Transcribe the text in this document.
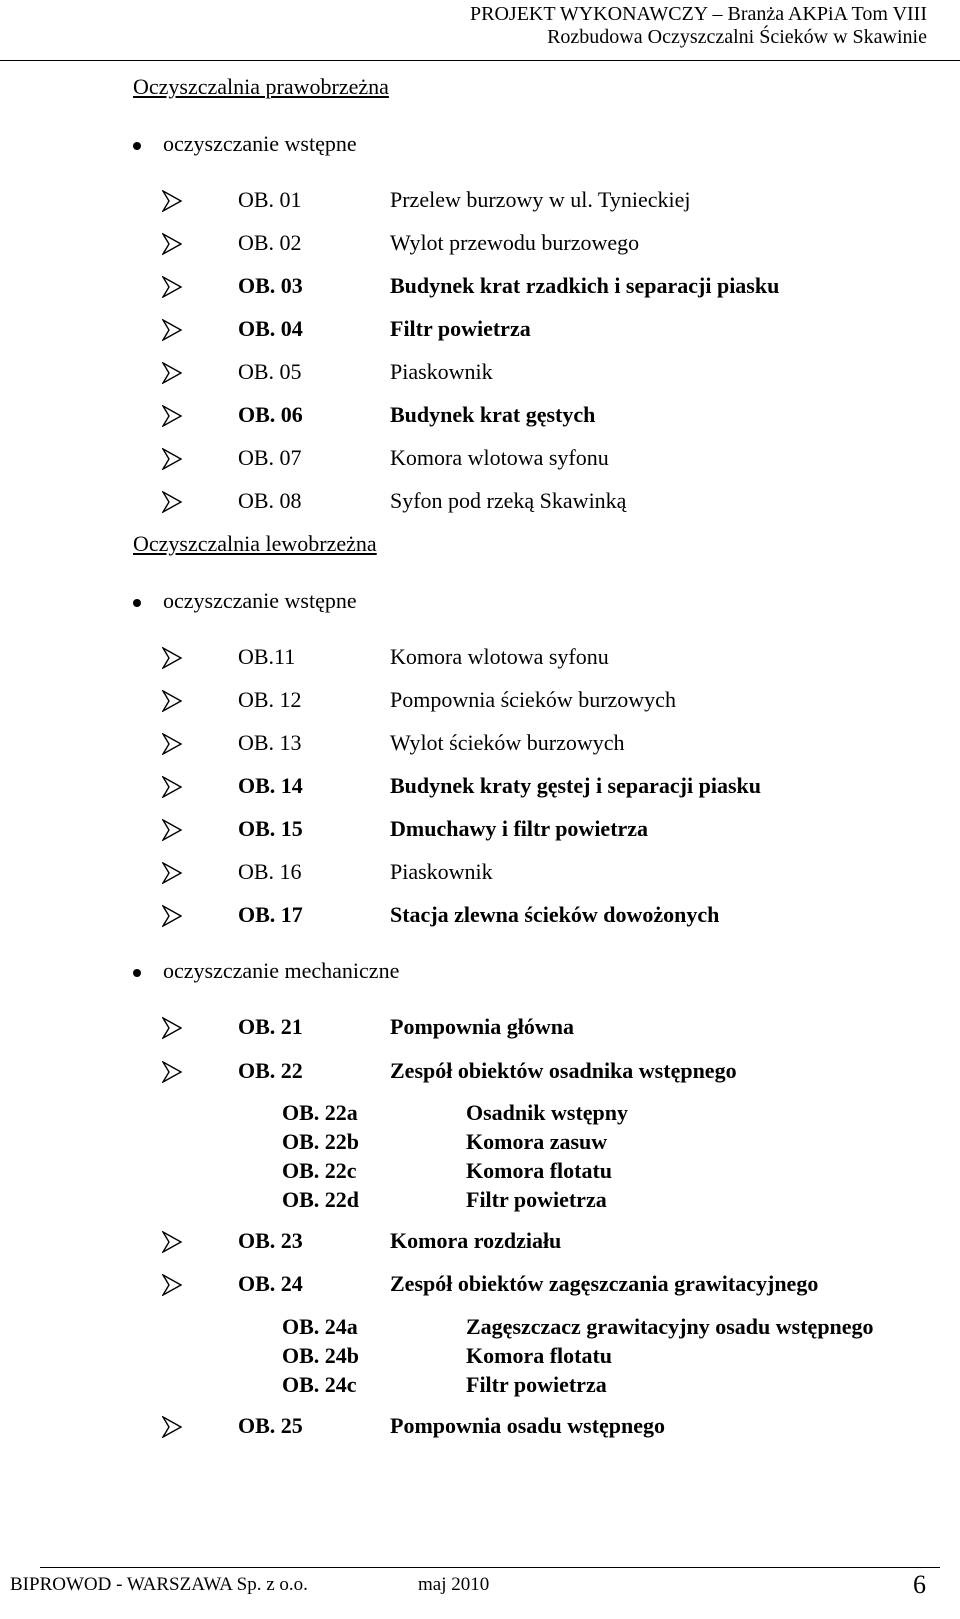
PROJEKT WYKONAWCZY – Branża AKPiA Tom VIII
Rozbudowa Oczyszczalni Ścieków w Skawinie
Oczyszczalnia prawobrzeżna
oczyszczanie wstępne
OB. 01	Przelew burzowy w ul. Tynieckiej
OB. 02	Wylot przewodu burzowego
OB. 03	Budynek krat rzadkich i separacji piasku
OB. 04	Filtr powietrza
OB. 05	Piaskownik
OB. 06	Budynek krat gęstych
OB. 07	Komora wlotowa syfonu
OB. 08	Syfon pod rzeką Skawinką
Oczyszczalnia lewobrzeżna
oczyszczanie wstępne
OB.11	Komora wlotowa syfonu
OB. 12	Pompownia ścieków burzowych
OB. 13	Wylot ścieków burzowych
OB. 14	Budynek kraty gęstej i separacji piasku
OB. 15	Dmuchawy i filtr powietrza
OB. 16	Piaskownik
OB. 17	Stacja zlewna ścieków dowożonych
oczyszczanie mechaniczne
OB. 21	Pompownia główna
OB. 22	Zespół obiektów osadnika wstępnego
OB. 22a	Osadnik wstępny
OB. 22b	Komora zasuw
OB. 22c	Komora flotatu
OB. 22d	Filtr powietrza
OB. 23	Komora rozdziału
OB. 24	Zespół obiektów zagęszczania grawitacyjnego
OB. 24a	Zagęszczacz grawitacyjny osadu wstępnego
OB. 24b	Komora flotatu
OB. 24c	Filtr powietrza
OB. 25	Pompownia osadu wstępnego
BIPROWOD - WARSZAWA Sp. z o.o.	maj 2010	6
